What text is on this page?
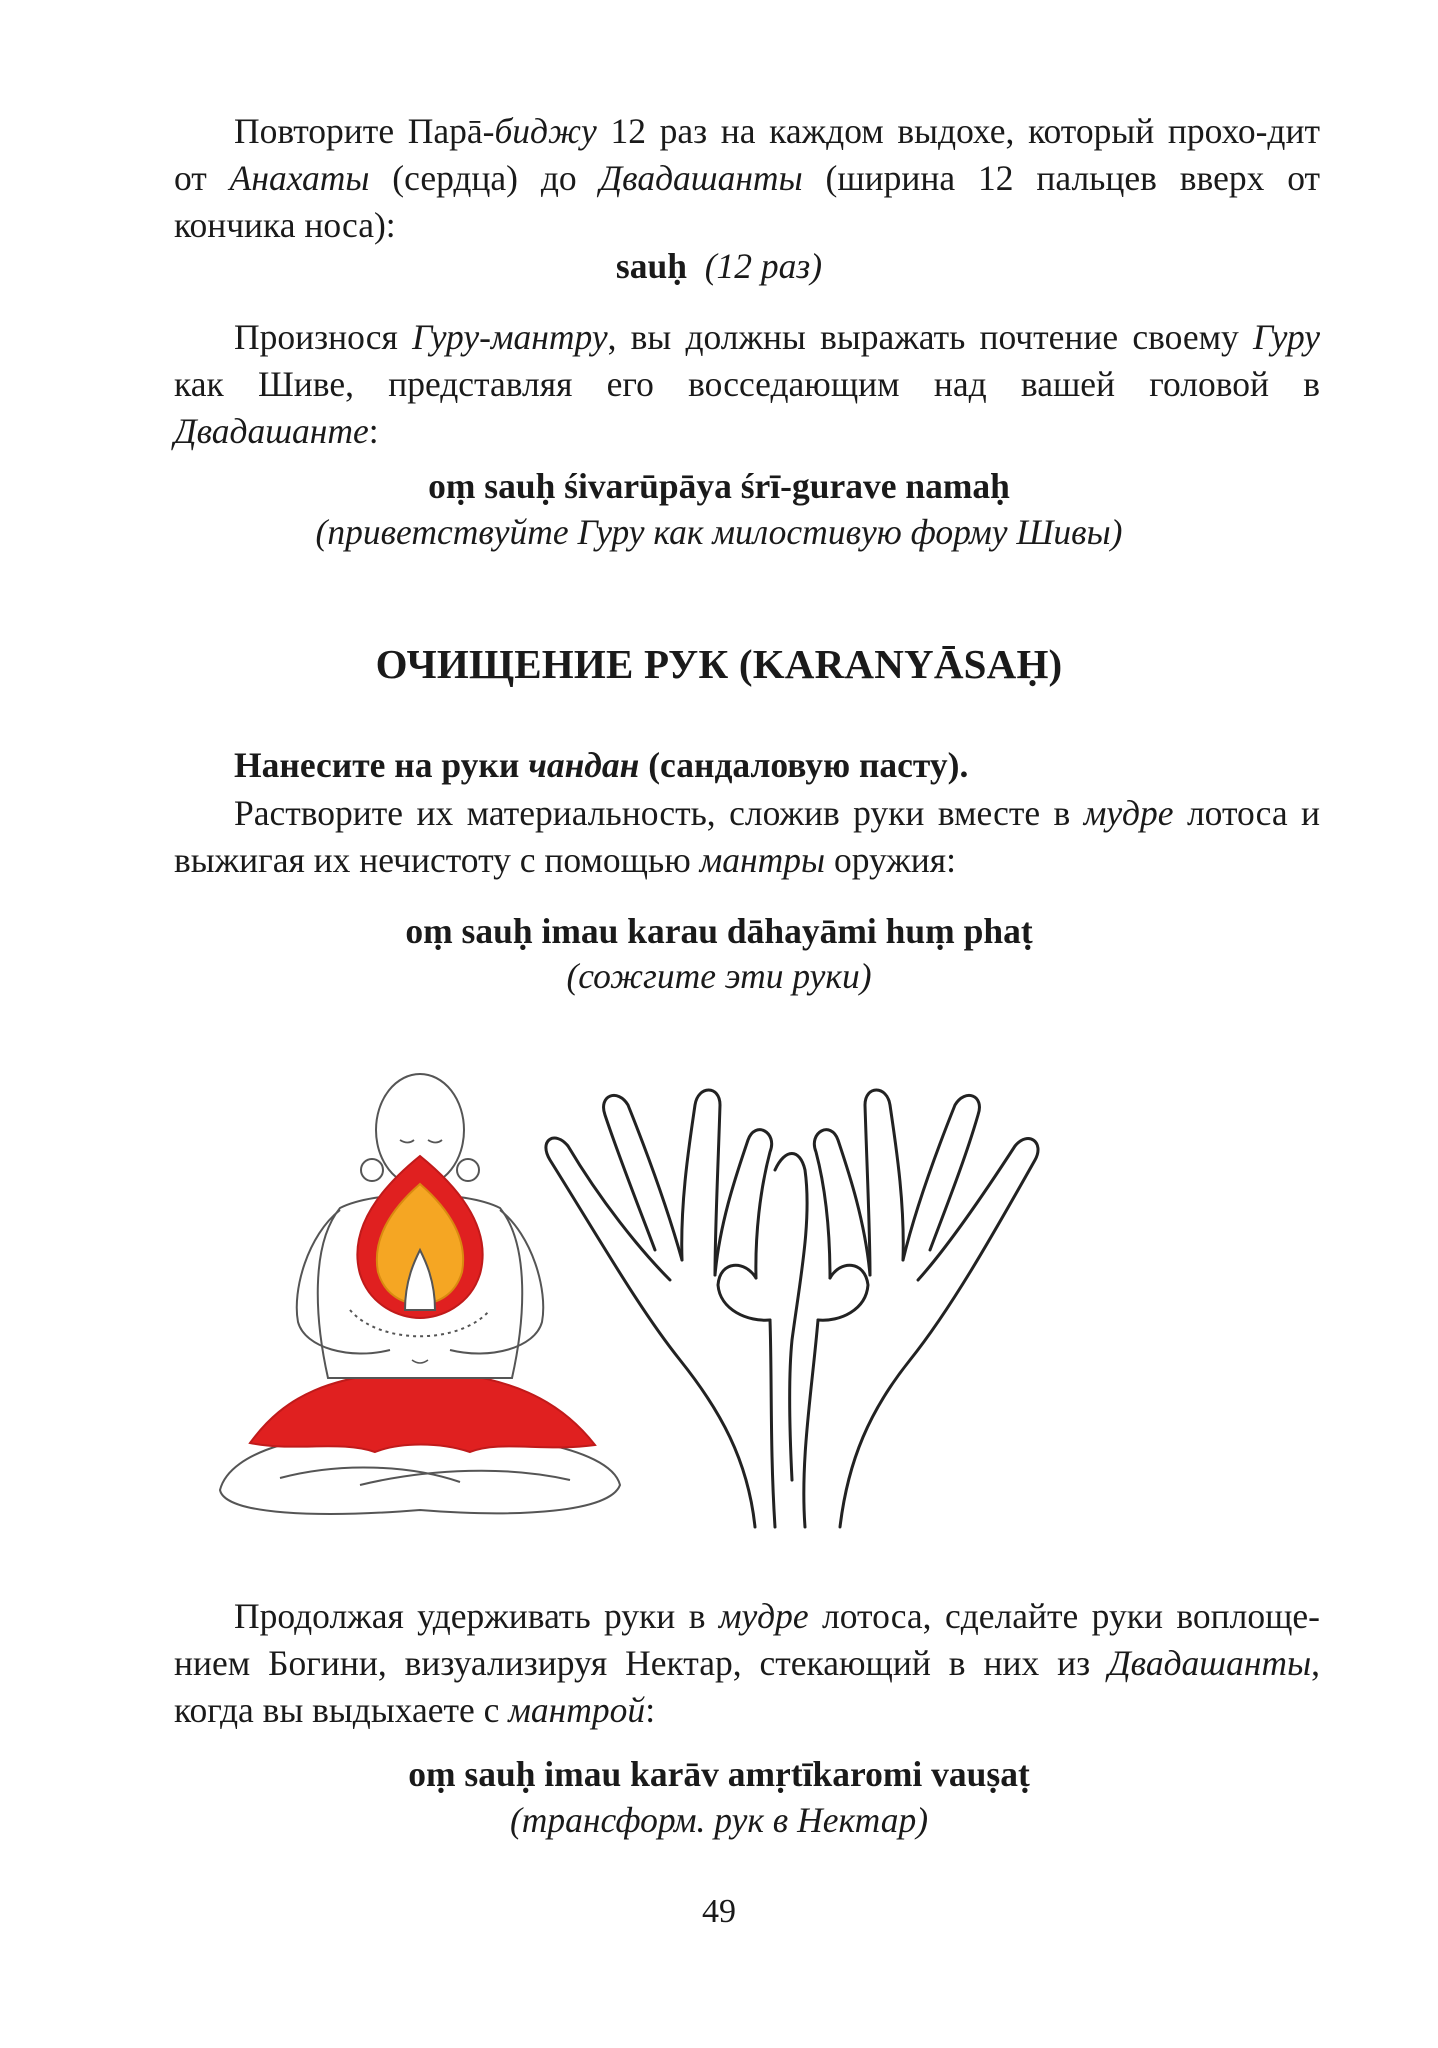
Повторите Парā-биджу 12 раз на каждом выдохе, который прохо-дит от Анахаты (сердца) до Двадашанты (ширина 12 пальцев вверх от кончика носа):

sauḥ (12 раз)

Произнося Гуру-мантру, вы должны выражать почтение своему Гуру как Шиве, представляя его восседающим над вашей головой в Двадашанте:

oṃ sauḥ śivarūpāya śrī-gurave namaḥ

(приветствуйте Гуру как милостивую форму Шивы)

ОЧИЩЕНИЕ РУК (KARANYĀSAḤ)

Нанесите на руки чандан (сандаловую пасту).

Растворите их материальность, сложив руки вместе в мудре лотоса и выжигая их нечистоту с помощью мантры оружия:

oṃ sauḥ imau karau dāhayāmi huṃ phaṭ

(сожгите эти руки)

Продолжая удерживать руки в мудре лотоса, сделайте руки воплоще-нием Богини, визуализируя Нектар, стекающий в них из Двадашанты, когда вы выдыхаете с мантрой:

oṃ sauḥ imau karāv amṛtīkaromi vauṣaṭ

(трансформ. рук в Нектар)

49
